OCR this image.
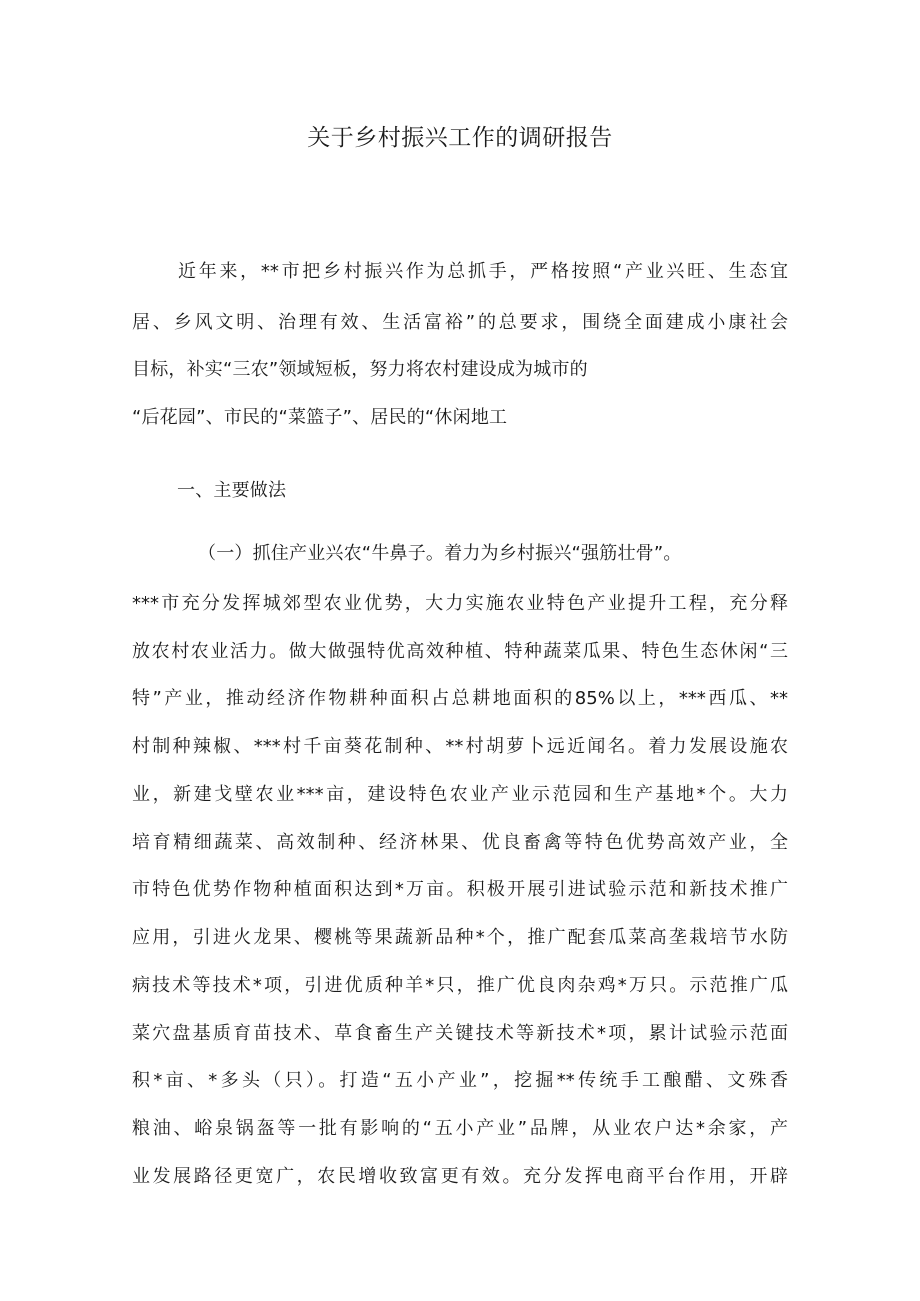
关于乡村振兴工作的调研报告
近年来，**市把乡村振兴作为总抓手，严格按照“产业兴旺、生态宜
居、乡风文明、治理有效、生活富裕”的总要求，围绕全面建成小康社会
目标，补实“三农”领域短板，努力将农村建设成为城市的
“后花园”、市民的“菜篮子”、居民的“休闲地工
一、主要做法
（一）抓住产业兴农“牛鼻子。着力为乡村振兴“强筋壮骨”。
***市充分发挥城郊型农业优势，大力实施农业特色产业提升工程，充分释
放农村农业活力。做大做强特优高效种植、特种蔬菜瓜果、特色生态休闲“三
特”产业，推动经济作物耕种面积占总耕地面积的85%以上，***西瓜、**
村制种辣椒、***村千亩葵花制种、**村胡萝卜远近闻名。着力发展设施农
业，新建戈壁农业***亩，建设特色农业产业示范园和生产基地*个。大力
培育精细蔬菜、高效制种、经济林果、优良畜禽等特色优势高效产业，全
市特色优势作物种植面积达到*万亩。积极开展引进试验示范和新技术推广
应用，引进火龙果、樱桃等果蔬新品种*个，推广配套瓜菜高垄栽培节水防
病技术等技术*项，引进优质种羊*只，推广优良肉杂鸡*万只。示范推广瓜
菜穴盘基质育苗技术、草食畜生产关键技术等新技术*项，累计试验示范面
积*亩、*多头（只）。打造“五小产业”，挖掘**传统手工酿醋、文殊香
粮油、峪泉锅盔等一批有影响的“五小产业”品牌，从业农户达*余家，产
业发展路径更宽广，农民增收致富更有效。充分发挥电商平台作用，开辟
